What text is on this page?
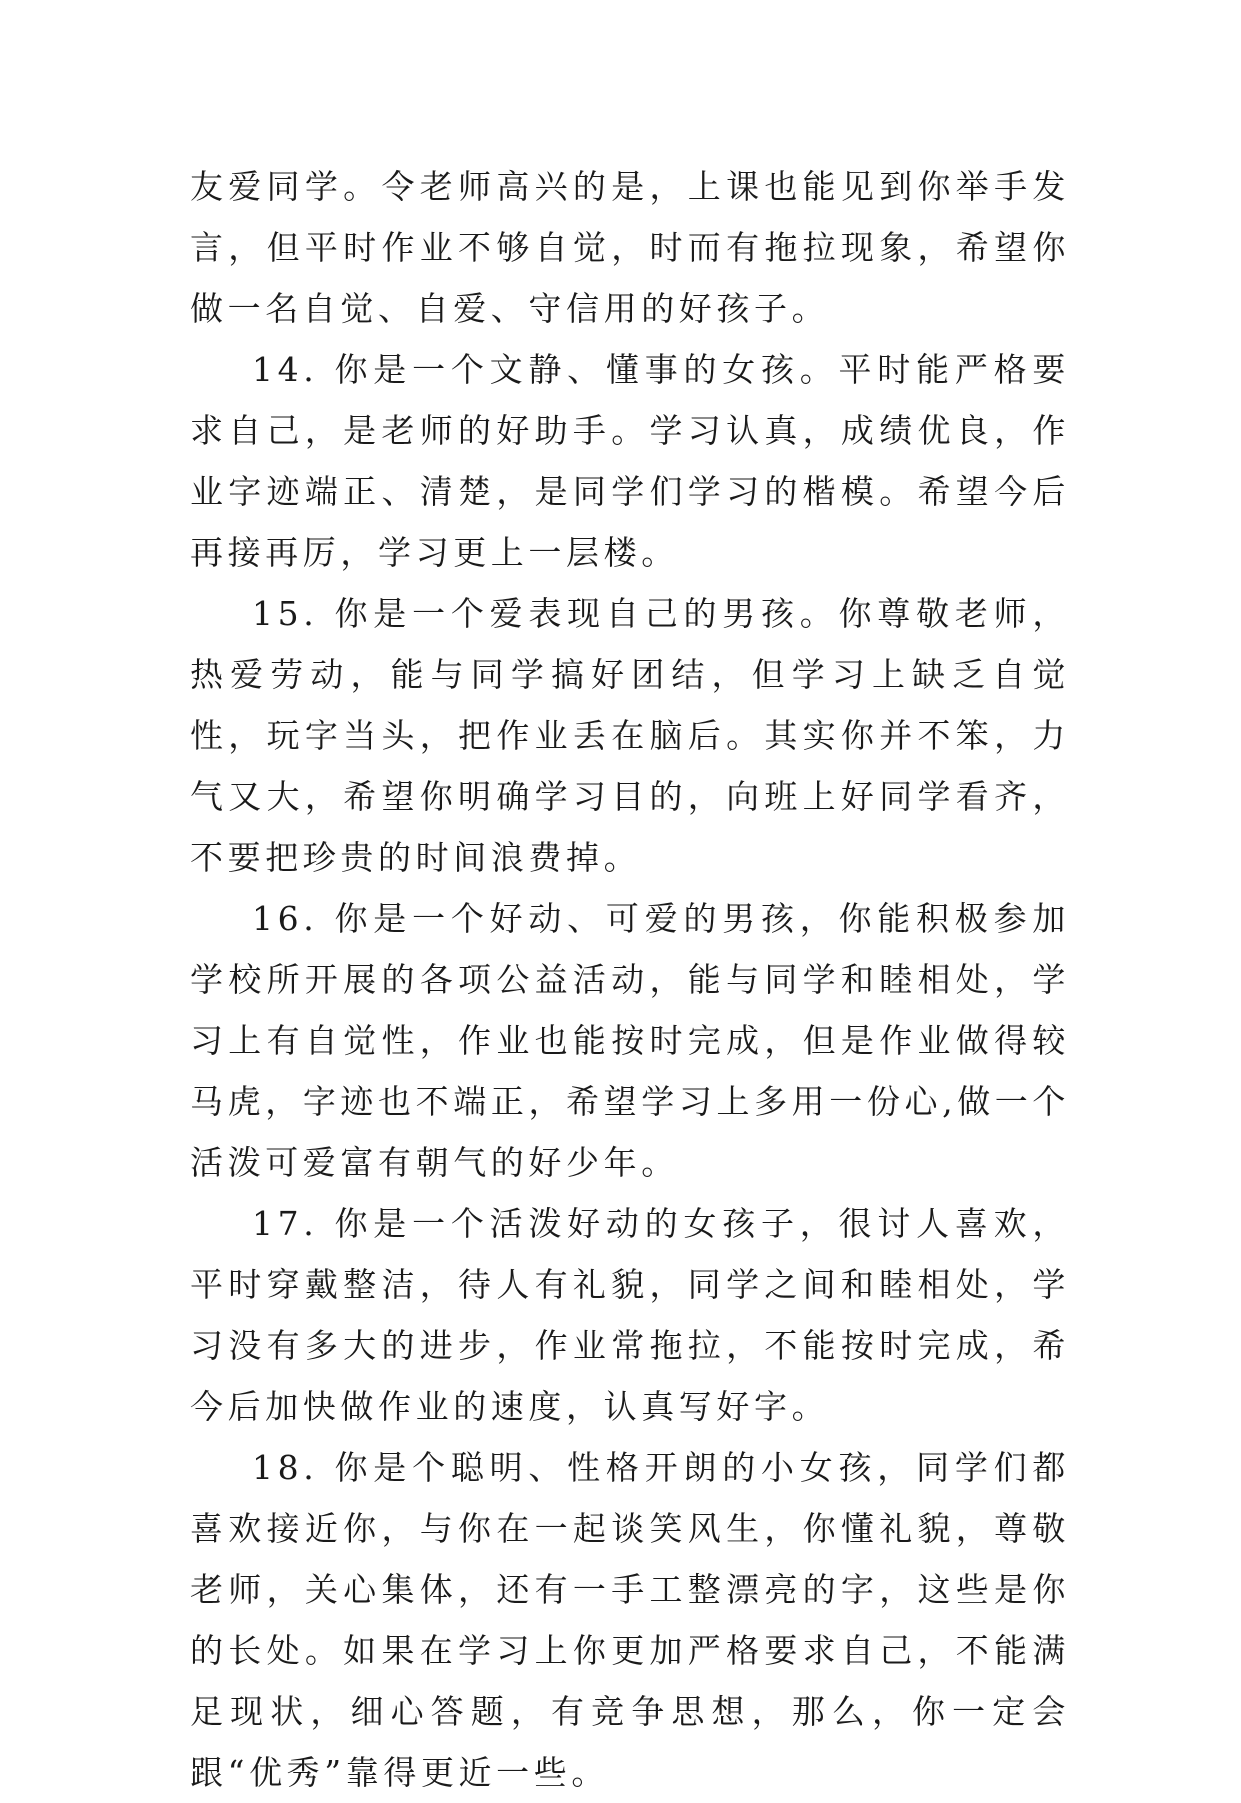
友爱同学。令老师高兴的是，上课也能见到你举手发言，但平时作业不够自觉，时而有拖拉现象，希望你做一名自觉、自爱、守信用的好孩子。

14. 你是一个文静、懂事的女孩。平时能严格要求自己，是老师的好助手。学习认真，成绩优良，作业字迹端正、清楚，是同学们学习的楷模。希望今后再接再厉，学习更上一层楼。

15. 你是一个爱表现自己的男孩。你尊敬老师，热爱劳动，能与同学搞好团结，但学习上缺乏自觉性，玩字当头，把作业丢在脑后。其实你并不笨，力气又大，希望你明确学习目的，向班上好同学看齐，不要把珍贵的时间浪费掉。

16. 你是一个好动、可爱的男孩，你能积极参加学校所开展的各项公益活动，能与同学和睦相处，学习上有自觉性，作业也能按时完成，但是作业做得较马虎，字迹也不端正，希望学习上多用一份心,做一个活泼可爱富有朝气的好少年。

17. 你是一个活泼好动的女孩子，很讨人喜欢，平时穿戴整洁，待人有礼貌，同学之间和睦相处，学习没有多大的进步，作业常拖拉，不能按时完成，希今后加快做作业的速度，认真写好字。

18. 你是个聪明、性格开朗的小女孩，同学们都喜欢接近你，与你在一起谈笑风生，你懂礼貌，尊敬老师，关心集体，还有一手工整漂亮的字，这些是你的长处。如果在学习上你更加严格要求自己，不能满足现状，细心答题，有竞争思想，那么，你一定会跟“优秀”靠得更近一些。
